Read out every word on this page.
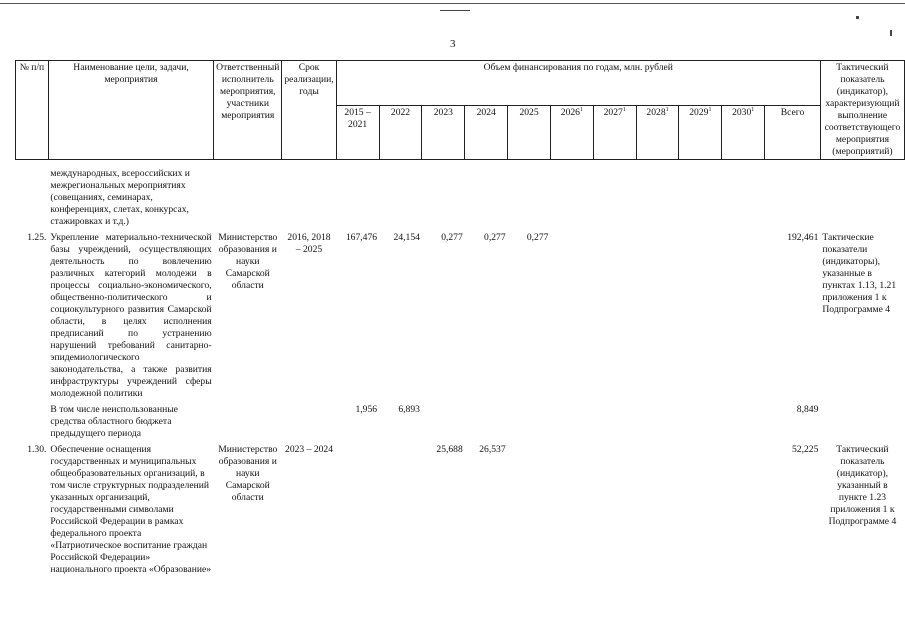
3
№ п/п	Наименование цели, задачи, мероприятия	Ответственный исполнитель мероприятия, участники мероприятия	Срок реализации, годы	Объем финансирования по годам, млн. рублей											Тактический показатель (индикатор), характеризующий выполнение соответствующего мероприятия (мероприятий)
				2015 – 2021	2022	2023	2024	2025	2026$^1$	2027$^1$	2028$^1$	2029$^1$	2030$^1$	Всего	

	международных, всероссийских и межрегиональных мероприятиях (совещаниях, семинарах, конференциях, слетах, конкурсах, стажировках и т.д.)														

1.25.	Укрепление материально-технической базы учреждений, осуществляющих деятельность по вовлечению различных категорий молодежи в процессы социально-экономического, общественно-политического и социокультурного развития Самарской области, в целях исполнения предписаний по устранению нарушений требований санитарно-эпидемиологического законодательства, а также развития инфраструктуры учреждений сферы молодежной политики	Министерство образования и науки Самарской области	2016, 2018 – 2025	167,476	24,154	0,277	0,277	0,277						192,461	Тактические показатели (индикаторы), указанные в пунктах 1.13, 1.21 приложения 1 к Подпрограмме 4

	В том числе неиспользованные средства областного бюджета предыдущего периода			1,956	6,893									8,849	

1.30.	Обеспечение оснащения государственных и муниципальных общеобразовательных организаций, в том числе структурных подразделений указанных организаций, государственными символами Российской Федерации в рамках федерального проекта «Патриотическое воспитание граждан Российской Федерации» национального проекта «Образование»	Министерство образования и науки Самарской области	2023 – 2024			25,688	26,537							52,225	Тактический показатель (индикатор), указанный в пункте 1.23 приложения 1 к Подпрограмме 4
